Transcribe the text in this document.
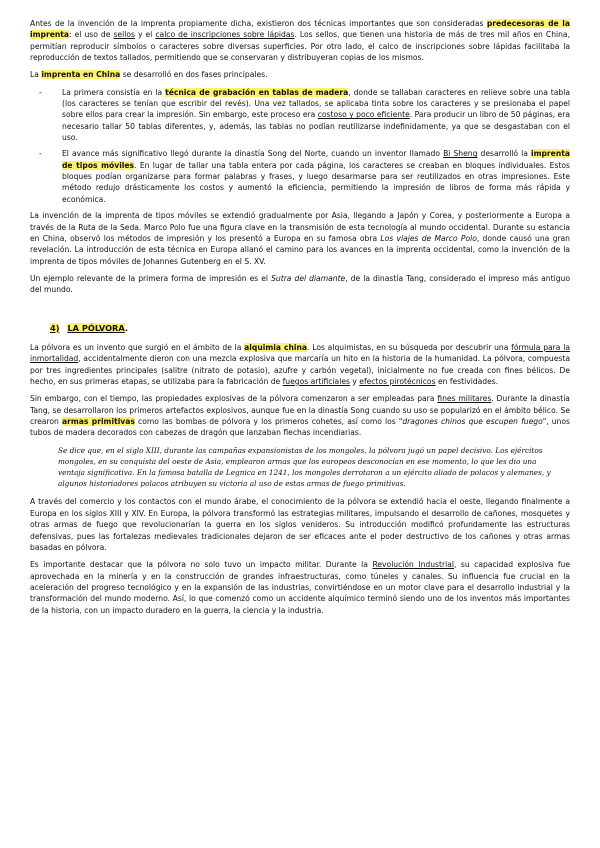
Antes de la invención de la imprenta propiamente dicha, existieron dos técnicas importantes que son consideradas predecesoras de la imprenta: el uso de sellos y el calco de inscripciones sobre lápidas. Los sellos, que tienen una historia de más de tres mil años en China, permitían reproducir símbolos o caracteres sobre diversas superficies. Por otro lado, el calco de inscripciones sobre lápidas facilitaba la reproducción de textos tallados, permitiendo que se conservaran y distribuyeran copias de los mismos.

La imprenta en China se desarrolló en dos fases principales.

- La primera consistía en la técnica de grabación en tablas de madera, donde se tallaban caracteres en relieve sobre una tabla (los caracteres se tenían que escribir del revés). Una vez tallados, se aplicaba tinta sobre los caracteres y se presionaba el papel sobre ellos para crear la impresión. Sin embargo, este proceso era costoso y poco eficiente. Para producir un libro de 50 páginas, era necesario tallar 50 tablas diferentes, y, además, las tablas no podían reutilizarse indefinidamente, ya que se desgastaban con el uso.
- El avance más significativo llegó durante la dinastía Song del Norte, cuando un inventor llamado Bi Sheng desarrolló la imprenta de tipos móviles. En lugar de tallar una tabla entera por cada página, los caracteres se creaban en bloques individuales. Estos bloques podían organizarse para formar palabras y frases, y luego desarmarse para ser reutilizados en otras impresiones. Este método redujo drásticamente los costos y aumentó la eficiencia, permitiendo la impresión de libros de forma más rápida y económica.

La invención de la imprenta de tipos móviles se extendió gradualmente por Asia, llegando a Japón y Corea, y posteriormente a Europa a través de la Ruta de la Seda. Marco Polo fue una figura clave en la transmisión de esta tecnología al mundo occidental. Durante su estancia en China, observó los métodos de impresión y los presentó a Europa en su famosa obra Los viajes de Marco Polo, donde causó una gran revelación. La introducción de esta técnica en Europa allanó el camino para los avances en la imprenta occidental, como la invención de la imprenta de tipos móviles de Johannes Gutenberg en el S. XV.

Un ejemplo relevante de la primera forma de impresión es el Sutra del diamante, de la dinastía Tang, considerado el impreso más antiguo del mundo.

4) LA PÓLVORA.

La pólvora es un invento que surgió en el ámbito de la alquimia china. Los alquimistas, en su búsqueda por descubrir una fórmula para la inmortalidad, accidentalmente dieron con una mezcla explosiva que marcaría un hito en la historia de la humanidad. La pólvora, compuesta por tres ingredientes principales (salitre (nitrato de potasio), azufre y carbón vegetal), inicialmente no fue creada con fines bélicos. De hecho, en sus primeras etapas, se utilizaba para la fabricación de fuegos artificiales y efectos pirotécnicos en festividades.

Sin embargo, con el tiempo, las propiedades explosivas de la pólvora comenzaron a ser empleadas para fines militares. Durante la dinastía Tang, se desarrollaron los primeros artefactos explosivos, aunque fue en la dinastía Song cuando su uso se popularizó en el ámbito bélico. Se crearon armas primitivas como las bombas de pólvora y los primeros cohetes, así como los "dragones chinos que escupen fuego", unos tubos de madera decorados con cabezas de dragón que lanzaban flechas incendiarias.

Se dice que, en el siglo XIII, durante las campañas expansionistas de los mongoles, la pólvora jugó un papel decisivo. Los ejércitos mongoles, en su conquista del oeste de Asia, emplearon armas que los europeos desconocían en ese momento, lo que les dio una ventaja significativa. En la famosa batalla de Legnica en 1241, los mongoles derrotaron a un ejército aliado de polacos y alemanes, y algunos historiadores polacos atribuyen su victoria al uso de estas armas de fuego primitivas.

A través del comercio y los contactos con el mundo árabe, el conocimiento de la pólvora se extendió hacia el oeste, llegando finalmente a Europa en los siglos XIII y XIV. En Europa, la pólvora transformó las estrategias militares, impulsando el desarrollo de cañones, mosquetes y otras armas de fuego que revolucionarían la guerra en los siglos venideros. Su introducción modificó profundamente las estructuras defensivas, pues las fortalezas medievales tradicionales dejaron de ser eficaces ante el poder destructivo de los cañones y otras armas basadas en pólvora.

Es importante destacar que la pólvora no solo tuvo un impacto militar. Durante la Revolución Industrial, su capacidad explosiva fue aprovechada en la minería y en la construcción de grandes infraestructuras, como túneles y canales. Su influencia fue crucial en la aceleración del progreso tecnológico y en la expansión de las industrias, convirtiéndose en un motor clave para el desarrollo industrial y la transformación del mundo moderno. Así, lo que comenzó como un accidente alquímico terminó siendo uno de los inventos más importantes de la historia, con un impacto duradero en la guerra, la ciencia y la industria.
